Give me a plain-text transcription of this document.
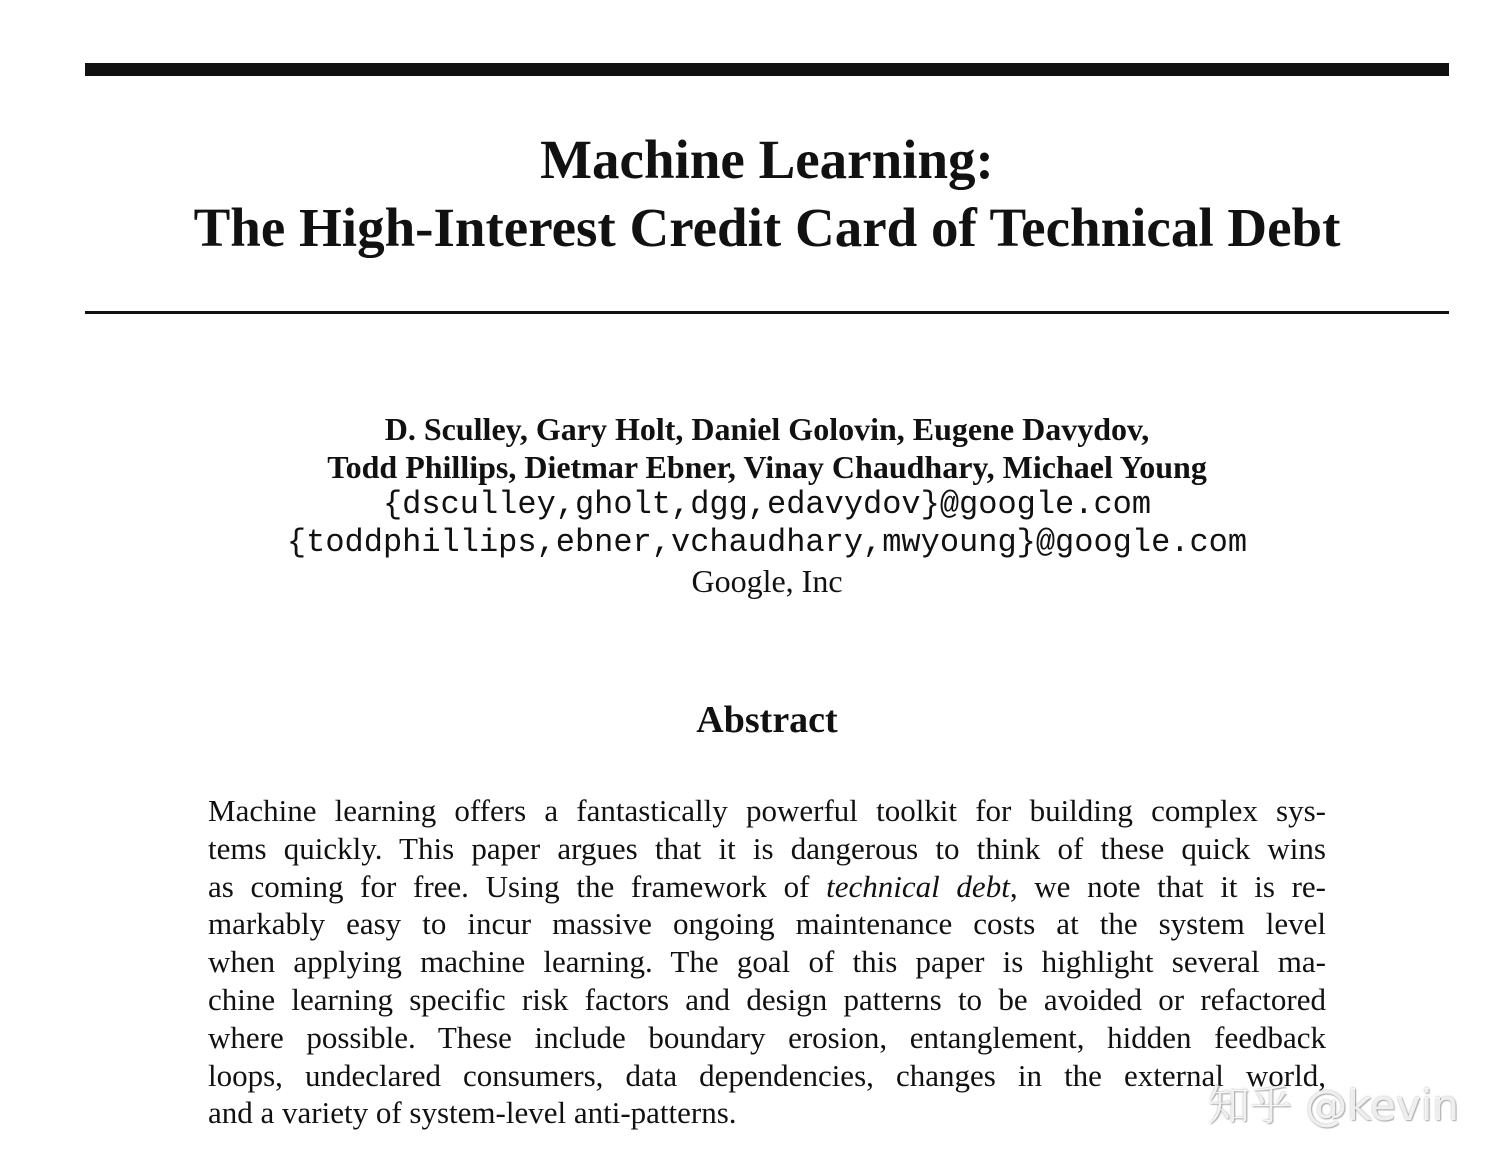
Machine Learning:
The High-Interest Credit Card of Technical Debt
D. Sculley, Gary Holt, Daniel Golovin, Eugene Davydov,
Todd Phillips, Dietmar Ebner, Vinay Chaudhary, Michael Young
{dsculley,gholt,dgg,edavydov}@google.com
{toddphillips,ebner,vchaudhary,mwyoung}@google.com
Google, Inc
Abstract
Machine learning offers a fantastically powerful toolkit for building complex sys-
tems quickly. This paper argues that it is dangerous to think of these quick wins
as coming for free. Using the framework of technical debt, we note that it is re-
markably easy to incur massive ongoing maintenance costs at the system level
when applying machine learning. The goal of this paper is highlight several ma-
chine learning specific risk factors and design patterns to be avoided or refactored
where possible. These include boundary erosion, entanglement, hidden feedback
loops, undeclared consumers, data dependencies, changes in the external world,
and a variety of system-level anti-patterns.	知乎 @kevin
